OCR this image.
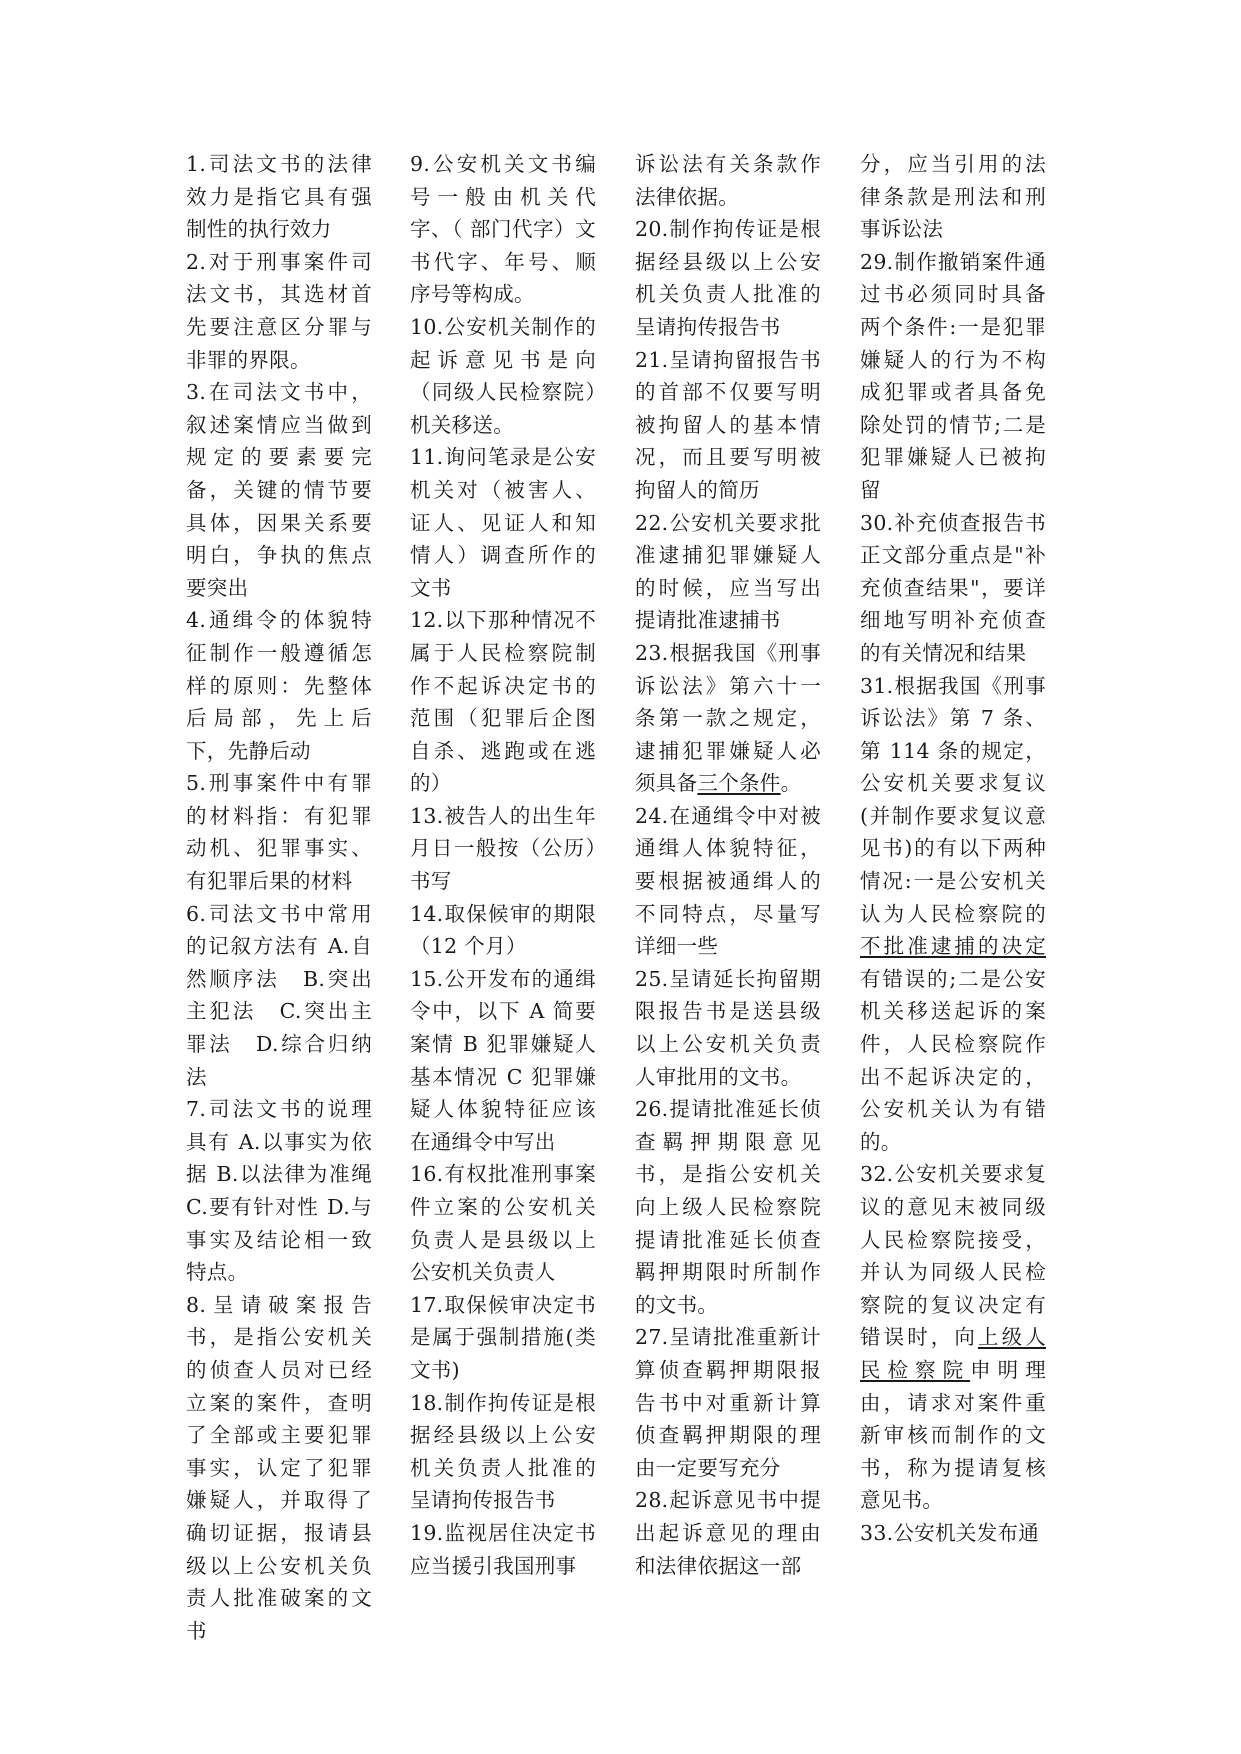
1.司法文书的法律效力是指它具有强制性的执行效力

2.对于刑事案件司法文书，其选材首先要注意区分罪与非罪的界限。

3.在司法文书中，叙述案情应当做到规定的要素要完备，关键的情节要具体，因果关系要明白，争执的焦点要突出

4.通缉令的体貌特征制作一般遵循怎样的原则：先整体后局部，先上后下，先静后动

5.刑事案件中有罪的材料指：有犯罪动机、犯罪事实、有犯罪后果的材料

6.司法文书中常用的记叙方法有 A.自然顺序法　B.突出主犯法　C.突出主罪法　D.综合归纳法

7.司法文书的说理具有 A.以事实为依据 B.以法律为准绳 C.要有针对性 D.与事实及结论相一致特点。

8.呈请破案报告书，是指公安机关的侦查人员对已经立案的案件，查明了全部或主要犯罪事实，认定了犯罪嫌疑人，并取得了确切证据，报请县级以上公安机关负责人批准破案的文书

9.公安机关文书编号一般由机关代字、（ 部门代字）文书代字、年号、顺序号等构成。

10.公安机关制作的起诉意见书是向（同级人民检察院）机关移送。

11.询问笔录是公安机关对（被害人、证人、见证人和知情人）调查所作的文书

12.以下那种情况不属于人民检察院制作不起诉决定书的范围（犯罪后企图自杀、逃跑或在逃的）

13.被告人的出生年月日一般按（公历）书写

14.取保候审的期限（12 个月）

15.公开发布的通缉令中，以下 A 简要案情 B 犯罪嫌疑人基本情况 C 犯罪嫌疑人体貌特征应该在通缉令中写出

16.有权批准刑事案件立案的公安机关负责人是县级以上公安机关负责人

17.取保候审决定书是属于强制措施(类文书)

18.制作拘传证是根据经县级以上公安机关负责人批准的呈请拘传报告书

19.监视居住决定书应当援引我国刑事

诉讼法有关条款作法律依据。

20.制作拘传证是根据经县级以上公安机关负责人批准的呈请拘传报告书

21.呈请拘留报告书的首部不仅要写明被拘留人的基本情况，而且要写明被拘留人的简历

22.公安机关要求批准逮捕犯罪嫌疑人的时候，应当写出提请批准逮捕书

23.根据我国《刑事诉讼法》第六十一条第一款之规定，逮捕犯罪嫌疑人必须具备三个条件。

24.在通缉令中对被通缉人体貌特征，要根据被通缉人的不同特点，尽量写详细一些

25.呈请延长拘留期限报告书是送县级以上公安机关负责人审批用的文书。

26.提请批准延长侦查羁押期限意见书，是指公安机关向上级人民检察院提请批准延长侦查羁押期限时所制作的文书。

27.呈请批准重新计算侦查羁押期限报告书中对重新计算侦查羁押期限的理由一定要写充分

28.起诉意见书中提出起诉意见的理由和法律依据这一部

分，应当引用的法律条款是刑法和刑事诉讼法

29.制作撤销案件通过书必须同时具备两个条件:一是犯罪嫌疑人的行为不构成犯罪或者具备免除处罚的情节;二是犯罪嫌疑人已被拘留

30.补充侦查报告书正文部分重点是"补充侦查结果"，要详细地写明补充侦查的有关情况和结果

31.根据我国《刑事诉讼法》第 7 条、第 114 条的规定，公安机关要求复议(并制作要求复议意见书)的有以下两种情况:一是公安机关认为人民检察院的不批准逮捕的决定有错误的;二是公安机关移送起诉的案件，人民检察院作出不起诉决定的，公安机关认为有错的。

32.公安机关要求复议的意见末被同级人民检察院接受，并认为同级人民检察院的复议决定有错误时，向上级人民检察院申明理由，请求对案件重新审核而制作的文书，称为提请复核意见书。

33.公安机关发布通
